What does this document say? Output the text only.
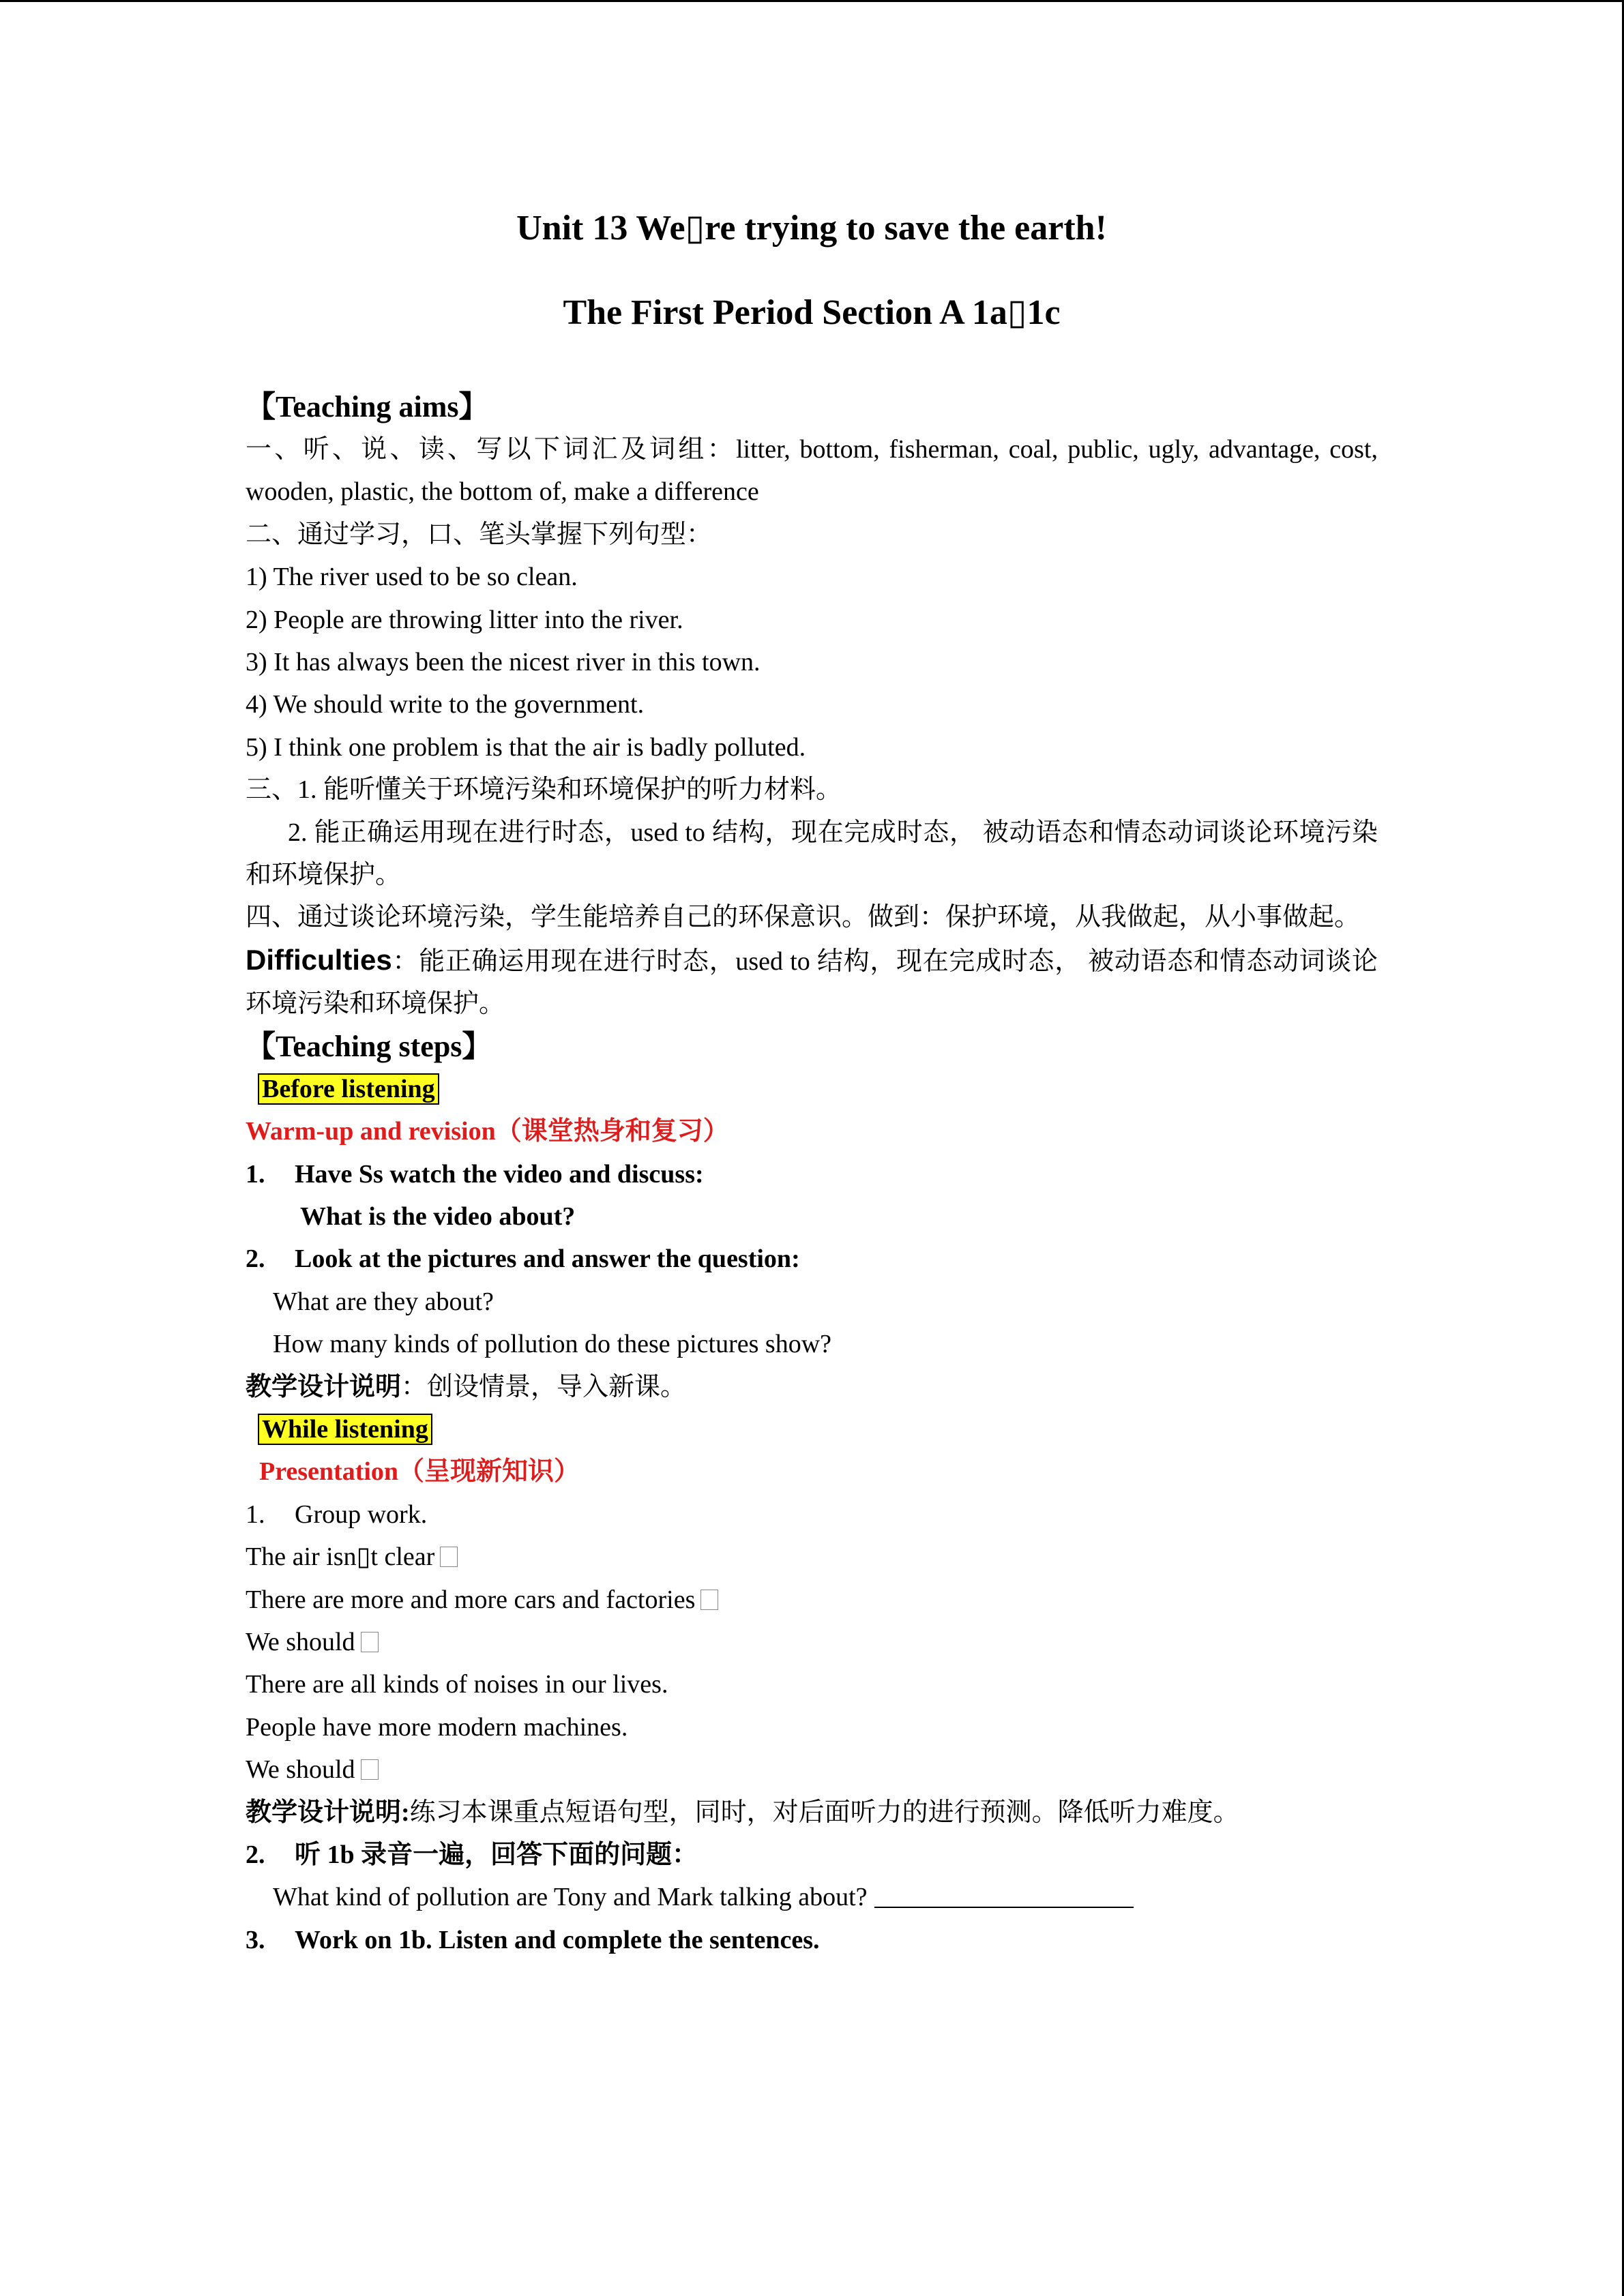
Unit 13 We▯re trying to save the earth!
The First Period Section A 1a▯1c
【Teaching aims】
一、听、说、读、写以下词汇及词组：litter, bottom, fisherman, coal, public, ugly, advantage, cost, wooden, plastic, the bottom of, make a difference
二、通过学习，口、笔头掌握下列句型：
1) The river used to be so clean.
2) People are throwing litter into the river.
3) It has always been the nicest river in this town.
4) We should write to the government.
5) I think one problem is that the air is badly polluted.
三、1. 能听懂关于环境污染和环境保护的听力材料。
2. 能正确运用现在进行时态，used to 结构，现在完成时态， 被动语态和情态动词谈论环境污染和环境保护。
四、通过谈论环境污染，学生能培养自己的环保意识。做到：保护环境，从我做起，从小事做起。
Difficulties：能正确运用现在进行时态，used to 结构，现在完成时态， 被动语态和情态动词谈论环境污染和环境保护。
【Teaching steps】
Before listening
Warm-up and revision（课堂热身和复习）
1. Have Ss watch the video and discuss:
What is the video about?
2. Look at the pictures and answer the question:
What are they about?
How many kinds of pollution do these pictures show?
教学设计说明：创设情景，导入新课。
While listening
Presentation（呈现新知识）
1. Group work.
The air isn▯t clear
There are more and more cars and factories
We should
There are all kinds of noises in our lives.
People have more modern machines.
We should
教学设计说明:练习本课重点短语句型，同时，对后面听力的进行预测。降低听力难度。
2. 听 1b 录音一遍，回答下面的问题：
What kind of pollution are Tony and Mark talking about?
3. Work on 1b. Listen and complete the sentences.
